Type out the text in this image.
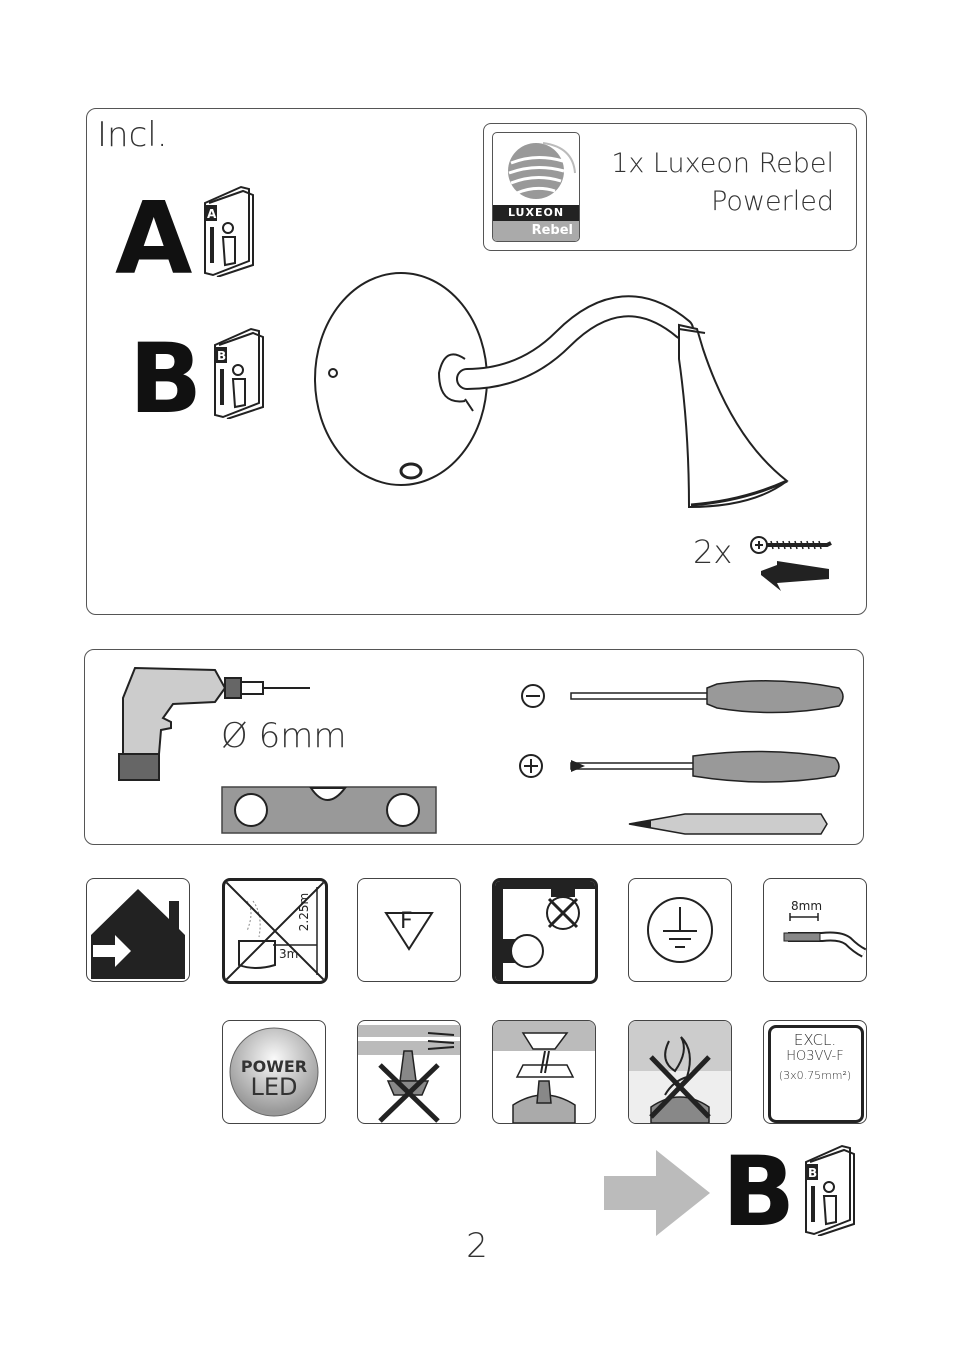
Incl.
A A
B B
LUXEON
Rebel
1x Luxeon Rebel
Powerled
2x
Ø 6mm
2.25m
3m
F
8mm
POWER
LED
EXCL.
HO3VV-F
(3x0.75mm²)
B B
2
